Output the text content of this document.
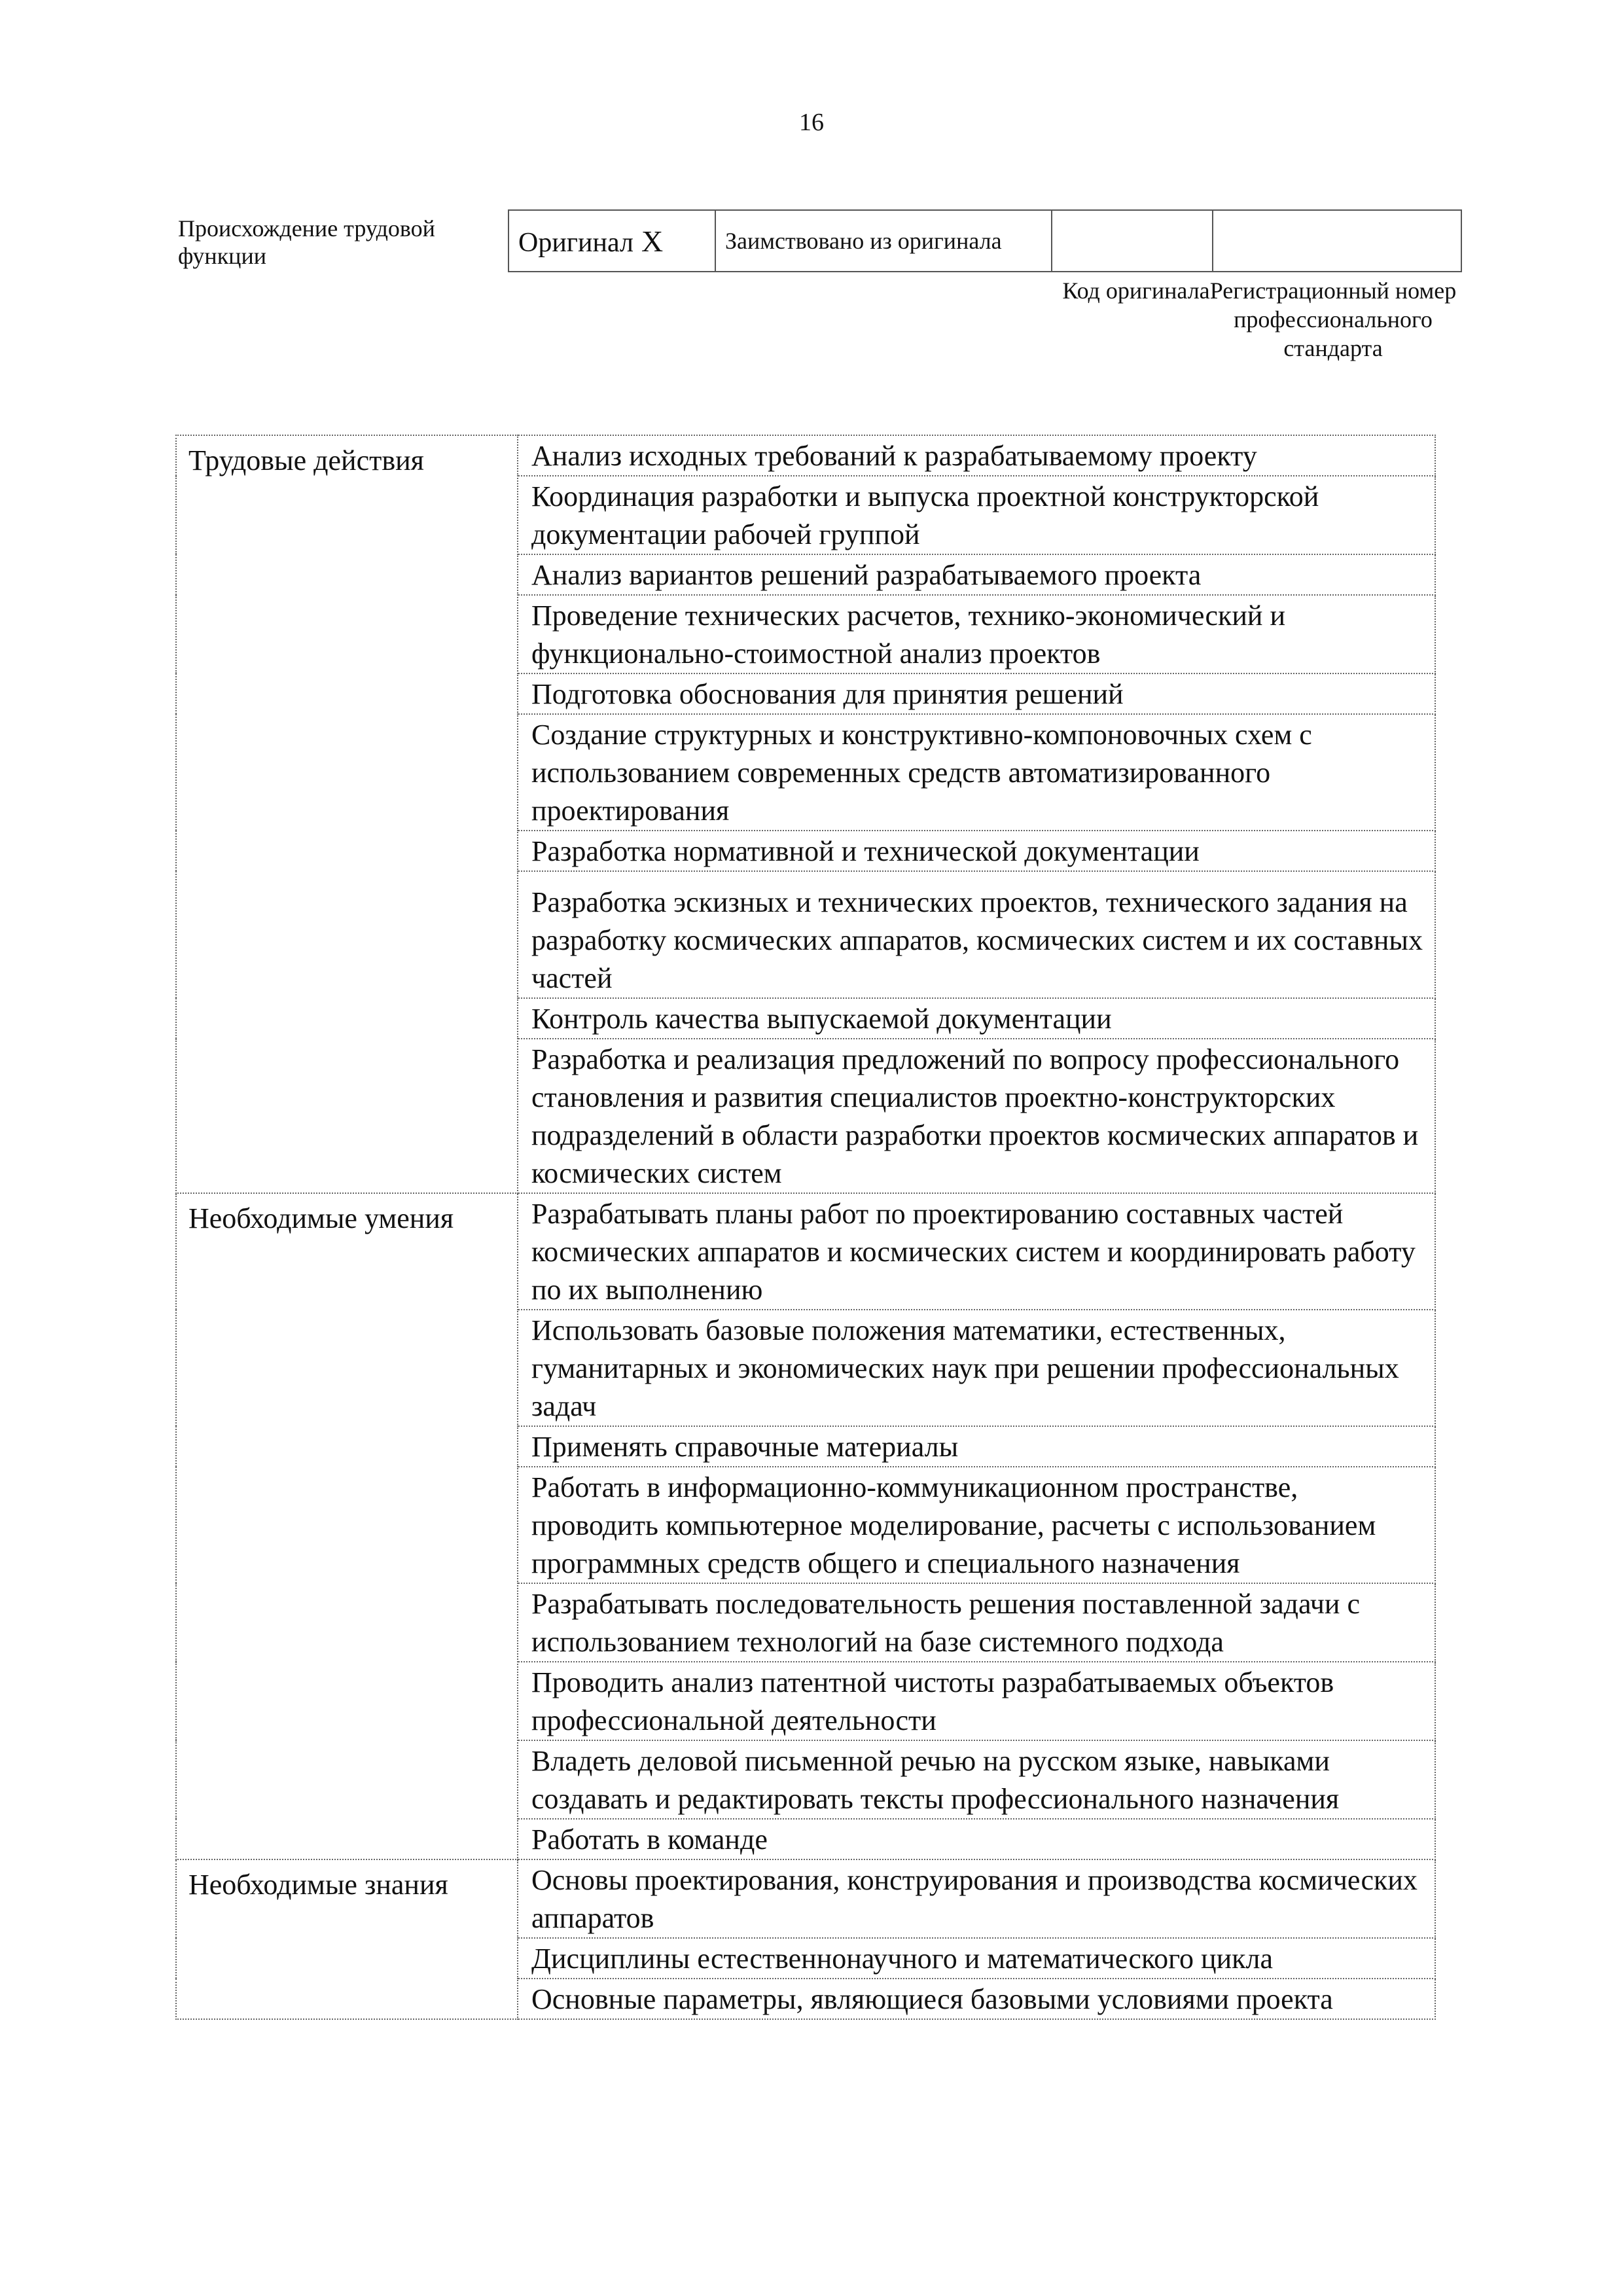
16
Происхождение трудовой функции	Оригинал X	Заимствовано из оригинала		
Код оригинала Регистрационный номер профессионального стандарта
Трудовые действия	Анализ исходных требований к разрабатываемому проекту
	Координация разработки и выпуска проектной конструкторской документации рабочей группой
	Анализ вариантов решений разрабатываемого проекта
	Проведение технических расчетов, технико-экономический и функционально-стоимостной анализ проектов
	Подготовка обоснования для принятия решений
	Создание структурных и конструктивно-компоновочных схем с использованием современных средств автоматизированного проектирования
	Разработка нормативной и технической документации
	Разработка эскизных и технических проектов, технического задания на разработку космических аппаратов, космических систем и их составных частей
	Контроль качества выпускаемой документации
	Разработка и реализация предложений по вопросу профессионального становления и развития специалистов проектно-конструкторских подразделений в области разработки проектов космических аппаратов и космических систем
Необходимые умения	Разрабатывать планы работ по проектированию составных частей космических аппаратов и космических систем и координировать работу по их выполнению
	Использовать базовые положения математики, естественных, гуманитарных и экономических наук при решении профессиональных задач
	Применять справочные материалы
	Работать в информационно-коммуникационном пространстве, проводить компьютерное моделирование, расчеты с использованием программных средств общего и специального назначения
	Разрабатывать последовательность решения поставленной задачи с использованием технологий на базе системного подхода
	Проводить анализ патентной чистоты разрабатываемых объектов профессиональной деятельности
	Владеть деловой письменной речью на русском языке, навыками создавать и редактировать тексты профессионального назначения
	Работать в команде
Необходимые знания	Основы проектирования, конструирования и производства космических аппаратов
	Дисциплины естественнонаучного и математического цикла
	Основные параметры, являющиеся базовыми условиями проекта
